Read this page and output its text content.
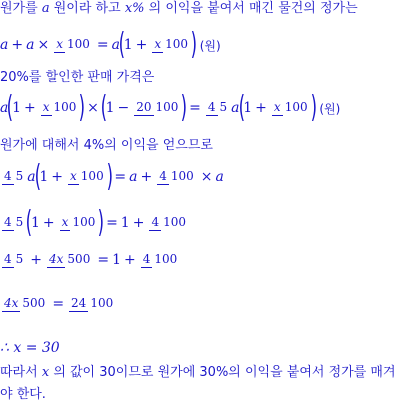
원가를 a 원이라 하고 x% 의 이익을 붙여서 매긴 물건의 정가는
a + a × x 100 = a
(
1 + x 100 ) (원)
20%를 할인한 판매 가격은
a
(
1 + x 100 ) × (
1 − 20 100 ) = 4 5 a
(
1 + x 100 ) (원)
원가에 대해서 4%의 이익을 얻으므로
4 5 a
(
1 + x 100 ) = a + 4 100 × a
4 5 (
1 + x 100 ) = 1 + 4 100
4 5 + 4x 500 = 1 + 4 100
4x 500 = 24 100
∴ x = 30
따라서 x 의 값이 30이므로 원가에 30%의 이익을 붙여서 정가를 매겨
야 한다.
